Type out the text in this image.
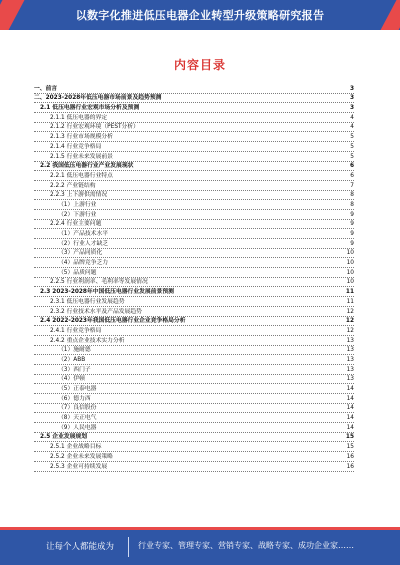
以数字化推进低压电器企业转型升级策略研究报告
内容目录
一、前言	3
二、2023-2028年低压电器市场前景及趋势预测	3
2.1 低压电器行业宏观市场分析及预测	3
2.1.1 低压电器的界定	4
2.1.2 行业宏观环境（PEST分析）	4
2.1.3 行业市场规模分析	5
2.1.4 行业竞争格局	5
2.1.5 行业未来发展前景	5
2.2 我国低压电器行业产业发展现状	6
2.2.1 低压电器行业特点	6
2.2.2 产业链结构	7
2.2.3 上下游供需情况	8
（1）上游行业	8
（2）下游行业	9
2.2.4 行业主要问题	9
（1）产品技术水平	9
（2）行业人才缺乏	9
（3）产品同质化	10
（4）品牌竞争乏力	10
（5）品质问题	10
2.2.5 行业利润率、毛利率等发展情况	10
2.3 2023-2028年中国低压电器行业发展前景预测	11
2.3.1 低压电器行业发展趋势	11
2.3.2 行业技术水平及产品发展趋势	12
2.4 2022-2023年我国低压电器行业企业竞争格局分析	12
2.4.1 行业竞争格局	12
2.4.2 重点企业技术实力分析	13
（1）施耐德	13
（2）ABB	13
（3）西门子	13
（4）伊顿	13
（5）正泰电器	14
（6）德力西	14
（7）良信股份	14
（8）天正电气	14
（9）人民电器	14
2.5 企业发展规划	15
2.5.1 企业战略目标	15
2.5.2 企业未来发展策略	16
2.5.3 企业可持续发展	16
让每个人都能成为	行业专家、管理专家、营销专家、战略专家、成功企业家……
